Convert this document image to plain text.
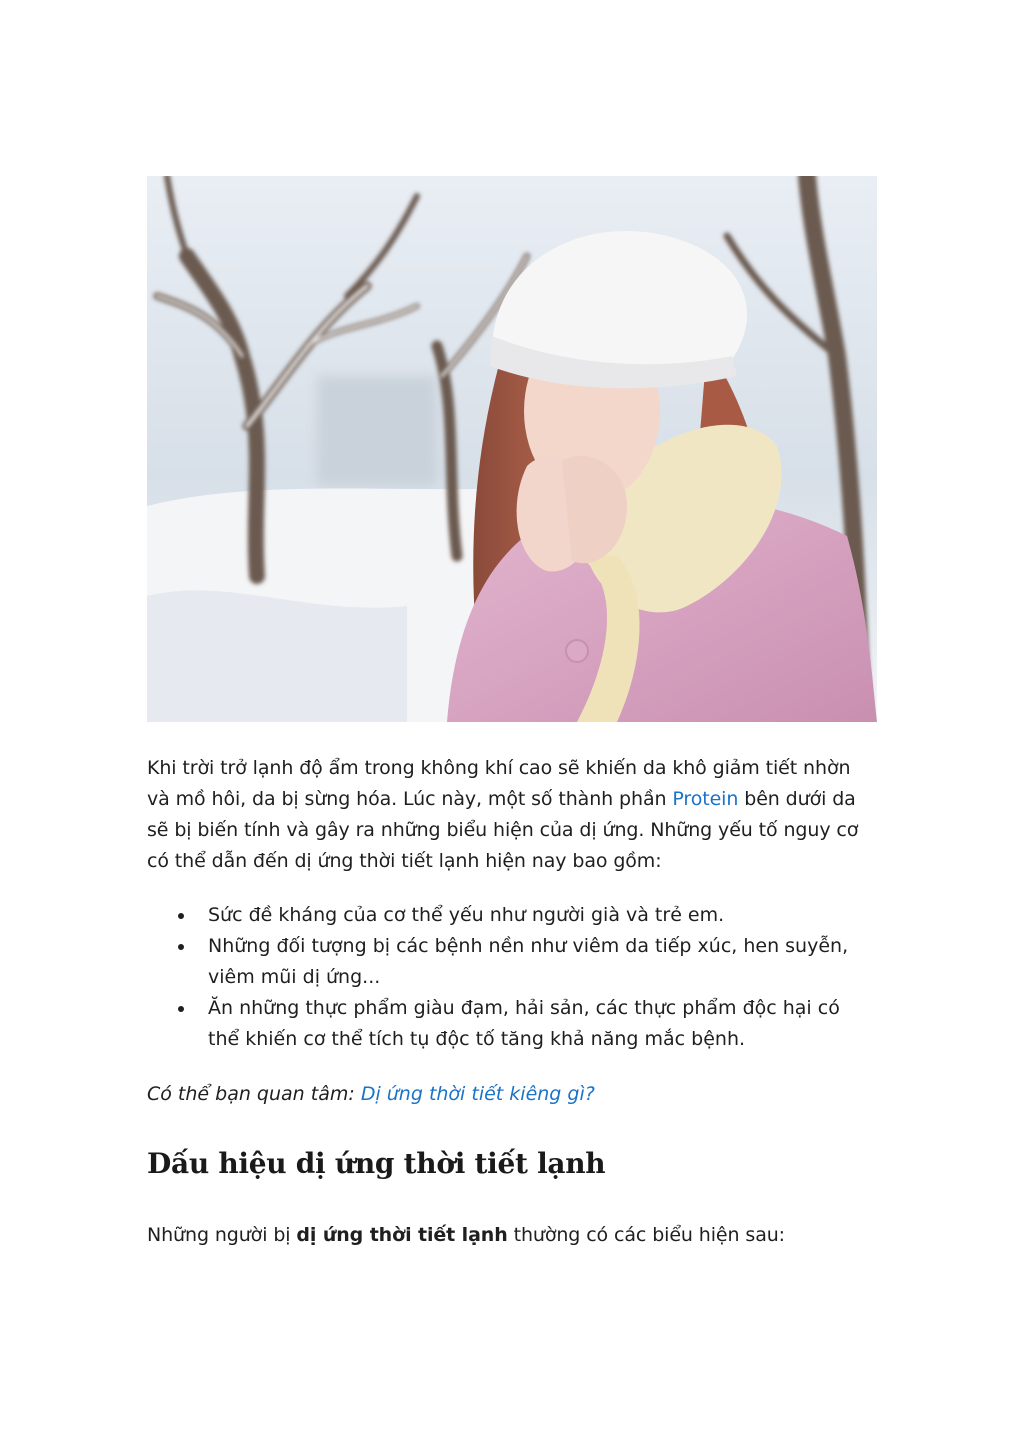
Khi trời trở lạnh độ ẩm trong không khí cao sẽ khiến da khô giảm tiết nhờn và mồ hôi, da bị sừng hóa. Lúc này, một số thành phần Protein bên dưới da sẽ bị biến tính và gây ra những biểu hiện của dị ứng. Những yếu tố nguy cơ có thể dẫn đến dị ứng thời tiết lạnh hiện nay bao gồm:

Sức đề kháng của cơ thể yếu như người già và trẻ em.
Những đối tượng bị các bệnh nền như viêm da tiếp xúc, hen suyễn, viêm mũi dị ứng...
Ăn những thực phẩm giàu đạm, hải sản, các thực phẩm độc hại có thể khiến cơ thể tích tụ độc tố tăng khả năng mắc bệnh.

Có thể bạn quan tâm: Dị ứng thời tiết kiêng gì?

Dấu hiệu dị ứng thời tiết lạnh

Những người bị dị ứng thời tiết lạnh thường có các biểu hiện sau:
